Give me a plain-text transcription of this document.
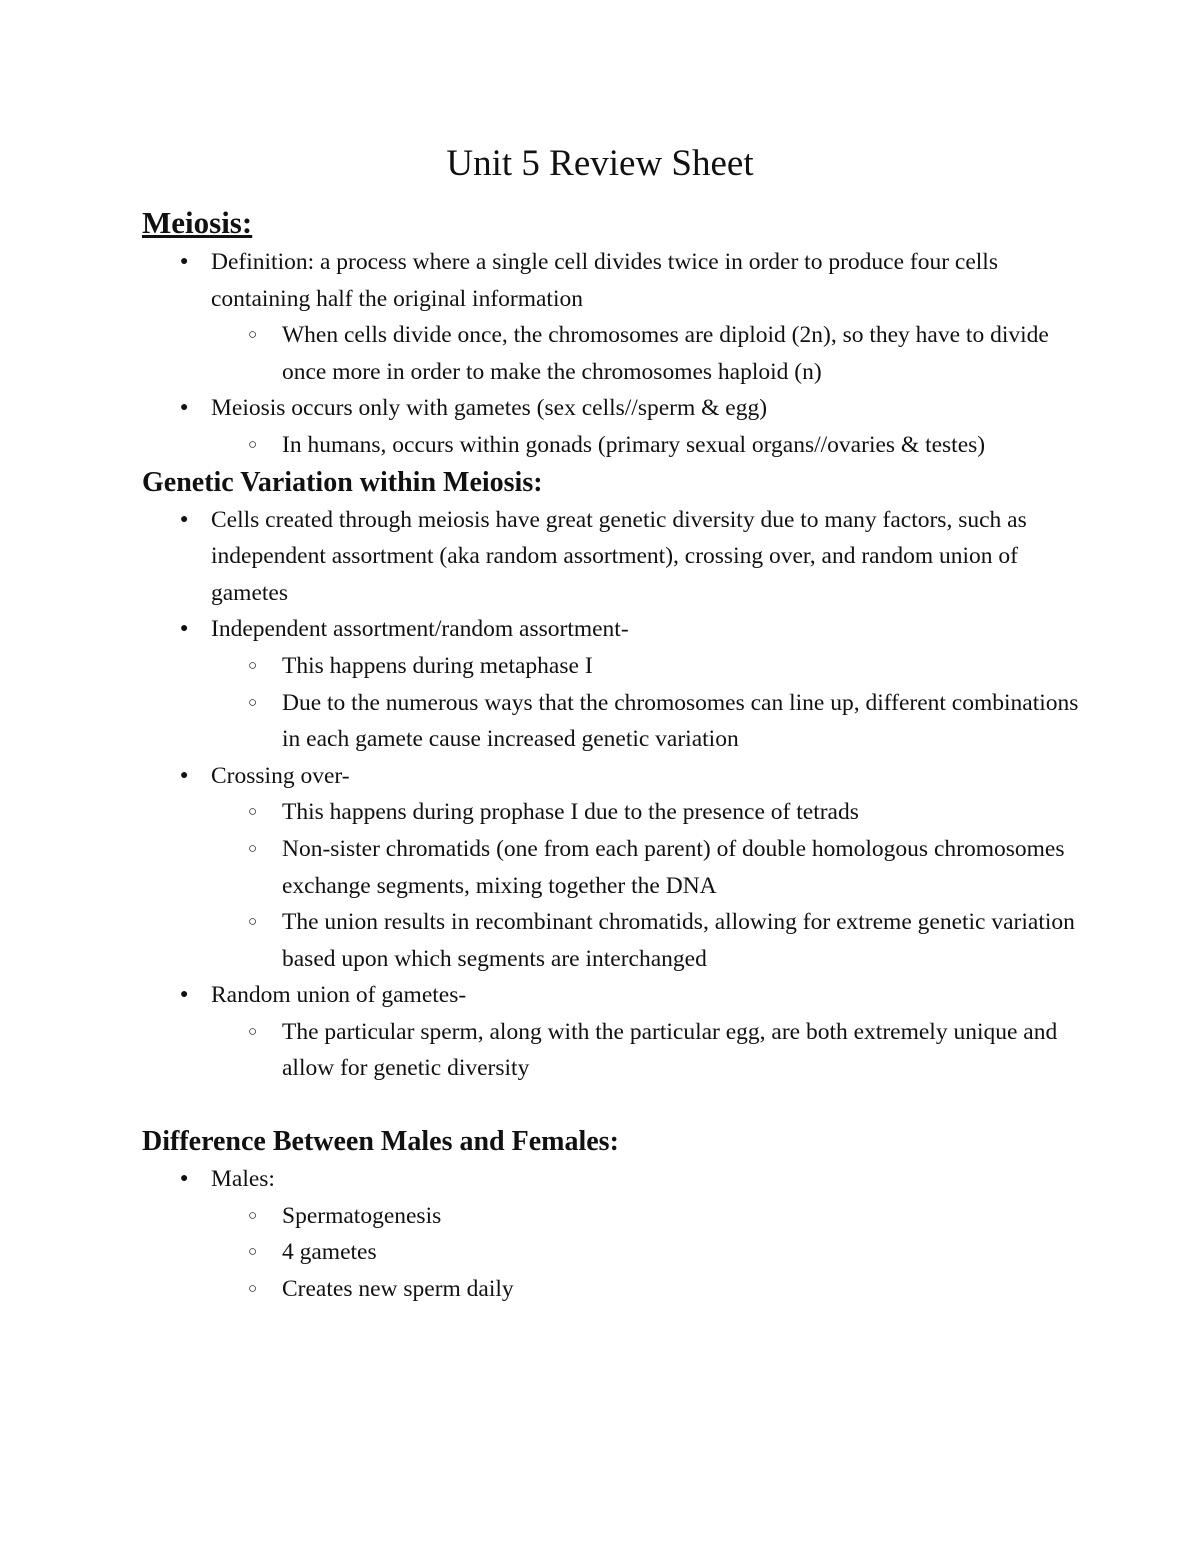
Unit 5 Review Sheet
Meiosis:
● Definition: a process where a single cell divides twice in order to produce four cells containing half the original information
○ When cells divide once, the chromosomes are diploid (2n), so they have to divide once more in order to make the chromosomes haploid (n)
● Meiosis occurs only with gametes (sex cells//sperm & egg)
○ In humans, occurs within gonads (primary sexual organs//ovaries & testes)
Genetic Variation within Meiosis:
● Cells created through meiosis have great genetic diversity due to many factors, such as independent assortment (aka random assortment), crossing over, and random union of gametes
● Independent assortment/random assortment-
○ This happens during metaphase I
○ Due to the numerous ways that the chromosomes can line up, different combinations in each gamete cause increased genetic variation
● Crossing over-
○ This happens during prophase I due to the presence of tetrads
○ Non-sister chromatids (one from each parent) of double homologous chromosomes exchange segments, mixing together the DNA
○ The union results in recombinant chromatids, allowing for extreme genetic variation based upon which segments are interchanged
● Random union of gametes-
○ The particular sperm, along with the particular egg, are both extremely unique and allow for genetic diversity
Difference Between Males and Females:
● Males:
○ Spermatogenesis
○ 4 gametes
○ Creates new sperm daily
